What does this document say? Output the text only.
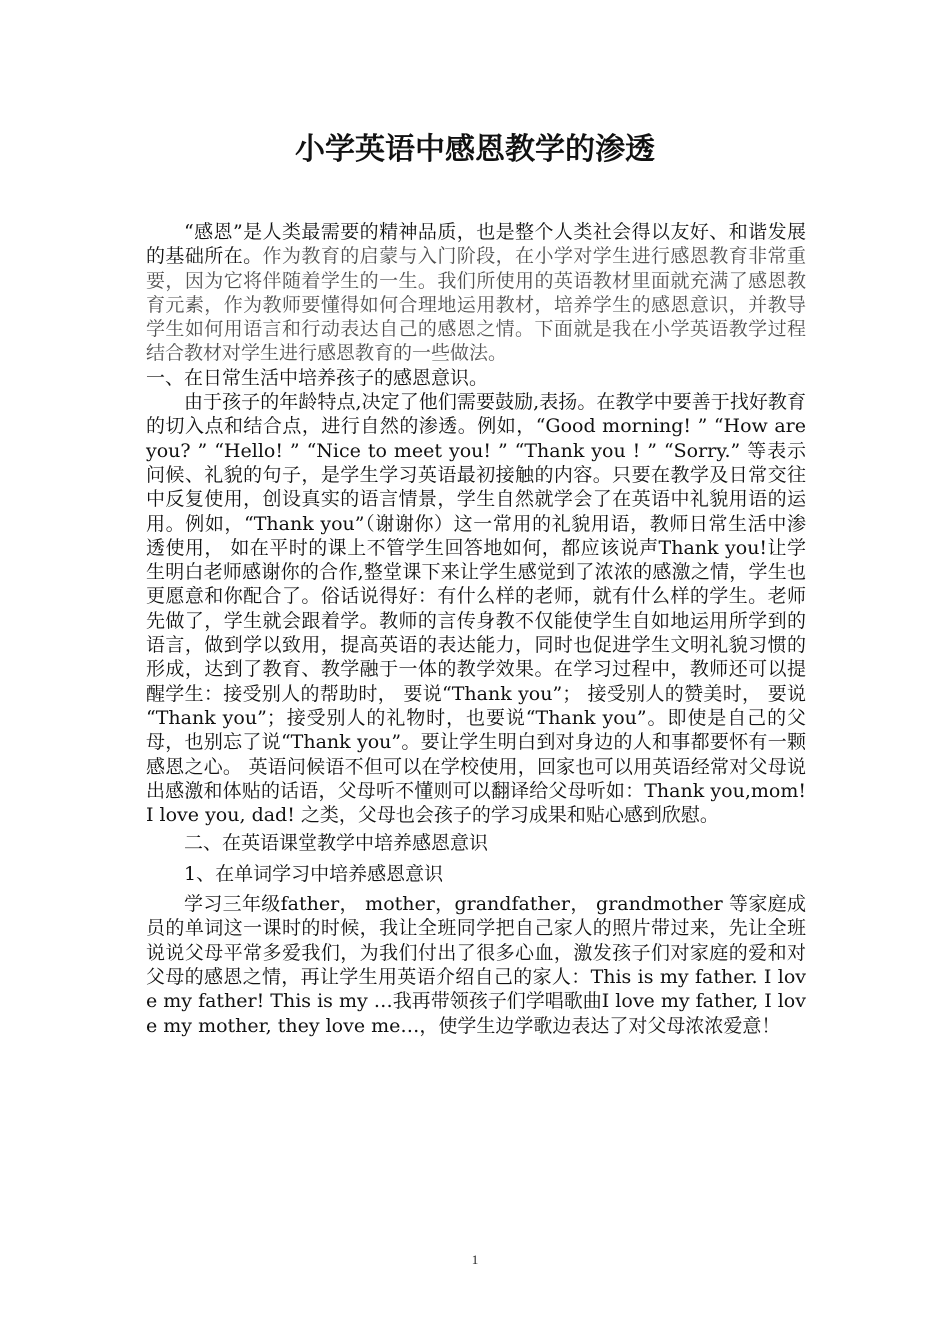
小学英语中感恩教学的渗透

“感恩”是人类最需要的精神品质，也是整个人类社会得以友好、和谐发展的基础所在。作为教育的启蒙与入门阶段，在小学对学生进行感恩教育非常重要，因为它将伴随着学生的一生。我们所使用的英语教材里面就充满了感恩教育元素，作为教师要懂得如何合理地运用教材，培养学生的感恩意识，并教导学生如何用语言和行动表达自己的感恩之情。下面就是我在小学英语教学过程结合教材对学生进行感恩教育的一些做法。

一、在日常生活中培养孩子的感恩意识。

由于孩子的年龄特点,决定了他们需要鼓励,表扬。在教学中要善于找好教育的切入点和结合点，进行自然的渗透。例如，“Good morning! ” “How are you? ” “Hello! ” “Nice to meet you! ” “Thank you ! ” “Sorry.” 等表示问候、礼貌的句子，是学生学习英语最初接触的内容。只要在教学及日常交往中反复使用，创设真实的语言情景，学生自然就学会了在英语中礼貌用语的运用。例如，“Thank you”（谢谢你）这一常用的礼貌用语，教师日常生活中渗透使用， 如在平时的课上不管学生回答地如何，都应该说声Thank you!让学生明白老师感谢你的合作,整堂课下来让学生感觉到了浓浓的感激之情，学生也更愿意和你配合了。俗话说得好：有什么样的老师，就有什么样的学生。老师先做了，学生就会跟着学。教师的言传身教不仅能使学生自如地运用所学到的语言，做到学以致用，提高英语的表达能力，同时也促进学生文明礼貌习惯的形成，达到了教育、教学融于一体的教学效果。在学习过程中，教师还可以提醒学生：接受别人的帮助时， 要说“Thank you”； 接受别人的赞美时， 要说 “Thank you”；接受别人的礼物时，也要说“Thank you”。即使是自己的父母，也别忘了说“Thank you”。要让学生明白到对身边的人和事都要怀有一颗感恩之心。 英语问候语不但可以在学校使用，回家也可以用英语经常对父母说出感激和体贴的话语，父母听不懂则可以翻译给父母听如：Thank you,mom!I love you, dad! 之类，父母也会孩子的学习成果和贴心感到欣慰。

二、在英语课堂教学中培养感恩意识

1、在单词学习中培养感恩意识

学习三年级father， mother，grandfather， grandmother 等家庭成员的单词这一课时的时候，我让全班同学把自己家人的照片带过来，先让全班说说父母平常多爱我们，为我们付出了很多心血，激发孩子们对家庭的爱和对父母的感恩之情，再让学生用英语介绍自己的家人：This is my father. I love my father! This is my …我再带领孩子们学唱歌曲I love my father, I love my mother, they love me…，使学生边学歌边表达了对父母浓浓爱意！

1
